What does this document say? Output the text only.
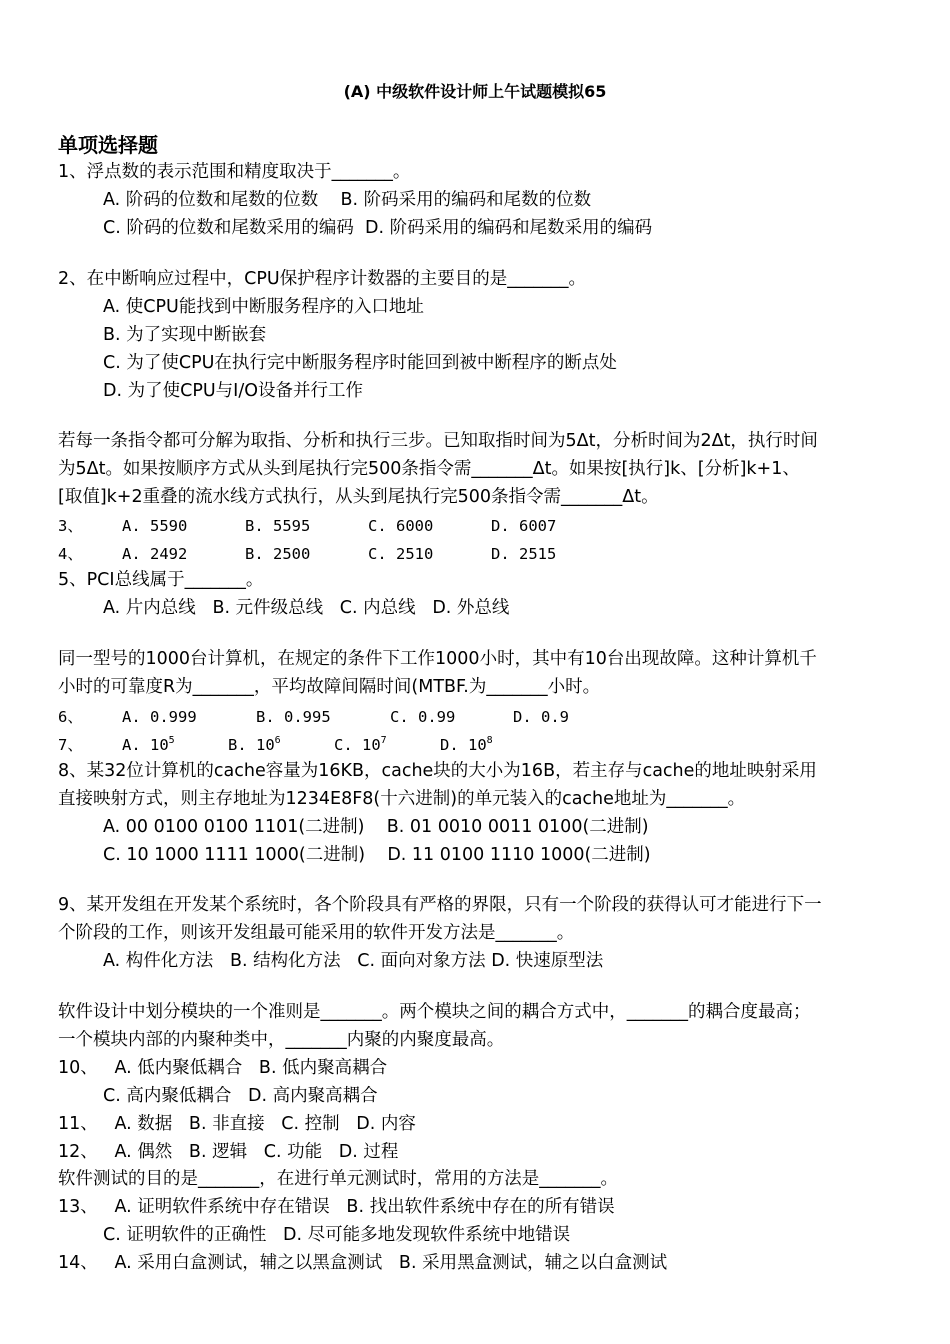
(A) 中级软件设计师上午试题模拟65
单项选择题
1、浮点数的表示范围和精度取决于_______。
A. 阶码的位数和尾数的位数    B. 阶码采用的编码和尾数的位数
C. 阶码的位数和尾数采用的编码  D. 阶码采用的编码和尾数采用的编码
2、在中断响应过程中，CPU保护程序计数器的主要目的是_______。
A. 使CPU能找到中断服务程序的入口地址
B. 为了实现中断嵌套
C. 为了使CPU在执行完中断服务程序时能回到被中断程序的断点处
D. 为了使CPU与I/O设备并行工作
若每一条指令都可分解为取指、分析和执行三步。已知取指时间为5Δt，分析时间为2Δt，执行时间
为5Δt。如果按顺序方式从头到尾执行完500条指令需_______Δt。如果按[执行]k、[分析]k+1、
[取值]k+2重叠的流水线方式执行，从头到尾执行完500条指令需_______Δt。
3、	A. 5590	B. 5595	C. 6000	D. 6007
4、	A. 2492	B. 2500	C. 2510	D. 2515
5、PCI总线属于_______。
A. 片内总线   B. 元件级总线   C. 内总线   D. 外总线
同一型号的1000台计算机，在规定的条件下工作1000小时，其中有10台出现故障。这种计算机千
小时的可靠度R为_______，平均故障间隔时间(MTBF.为_______小时。
6、	A. 0.999	B. 0.995	C. 0.99	D. 0.9
7、	A. $10^5$	B. $10^6$	C. $10^7$	D. $10^8$
8、某32位计算机的cache容量为16KB，cache块的大小为16B，若主存与cache的地址映射采用
直接映射方式，则主存地址为1234E8F8(十六进制)的单元装入的cache地址为_______。
A. 00 0100 0100 1101(二进制)    B. 01 0010 0011 0100(二进制)
C. 10 1000 1111 1000(二进制)    D. 11 0100 1110 1000(二进制)
9、某开发组在开发某个系统时，各个阶段具有严格的界限，只有一个阶段的获得认可才能进行下一
个阶段的工作，则该开发组最可能采用的软件开发方法是_______。
A. 构件化方法   B. 结构化方法   C. 面向对象方法 D. 快速原型法
软件设计中划分模块的一个准则是_______。两个模块之间的耦合方式中，_______的耦合度最高；
一个模块内部的内聚种类中，_______内聚的内聚度最高。
10、   A. 低内聚低耦合   B. 低内聚高耦合
C. 高内聚低耦合   D. 高内聚高耦合
11、   A. 数据   B. 非直接   C. 控制   D. 内容
12、   A. 偶然   B. 逻辑   C. 功能   D. 过程
软件测试的目的是_______，在进行单元测试时，常用的方法是_______。
13、   A. 证明软件系统中存在错误   B. 找出软件系统中存在的所有错误
C. 证明软件的正确性   D. 尽可能多地发现软件系统中地错误
14、   A. 采用白盒测试，辅之以黑盒测试   B. 采用黑盒测试，辅之以白盒测试
